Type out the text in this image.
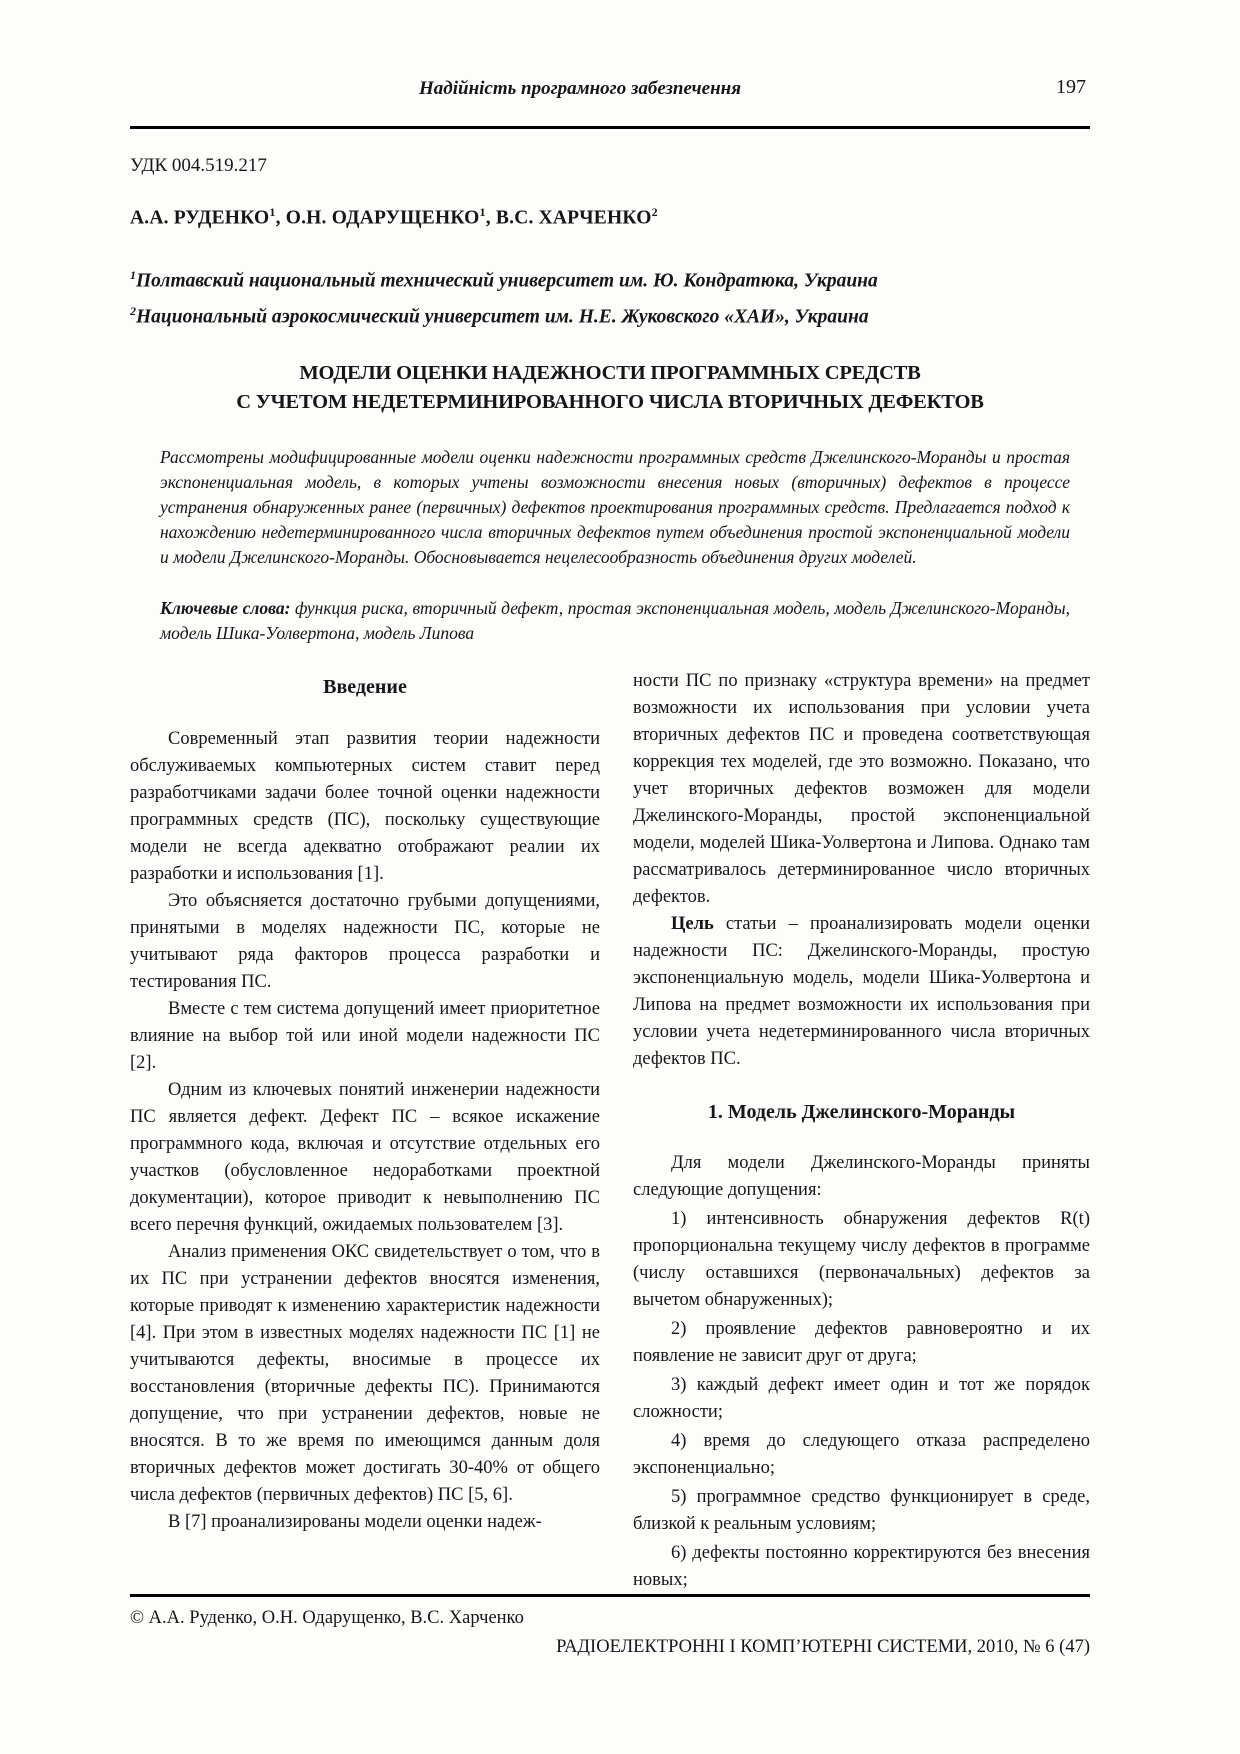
Надійність програмного забезпечення	197
УДК 004.519.217
А.А. РУДЕНКО$^1$, О.Н. ОДАРУЩЕНКО$^1$, В.С. ХАРЧЕНКО$^2$
$^1$Полтавский национальный технический университет им. Ю. Кондратюка, Украина
$^2$Национальный аэрокосмический университет им. Н.Е. Жуковского «ХАИ», Украина
МОДЕЛИ ОЦЕНКИ НАДЕЖНОСТИ ПРОГРАММНЫХ СРЕДСТВ
С УЧЕТОМ НЕДЕТЕРМИНИРОВАННОГО ЧИСЛА ВТОРИЧНЫХ ДЕФЕКТОВ
Рассмотрены модифицированные модели оценки надежности программных средств Джелинского-Моранды и простая экспоненциальная модель, в которых учтены возможности внесения новых (вторичных) дефектов в процессе устранения обнаруженных ранее (первичных) дефектов проектирования программных средств. Предлагается подход к нахождению недетерминированного числа вторичных дефектов путем объединения простой экспоненциальной модели и модели Джелинского-Моранды. Обосновывается нецелесообразность объединения других моделей.
Ключевые слова: функция риска, вторичный дефект, простая экспоненциальная модель, модель Джелинского-Моранды, модель Шика-Уолвертона, модель Липова
Введение

Современный этап развития теории надежности обслуживаемых компьютерных систем ставит перед разработчиками задачи более точной оценки надежности программных средств (ПС), поскольку существующие модели не всегда адекватно отображают реалии их разработки и использования [1].

Это объясняется достаточно грубыми допущениями, принятыми в моделях надежности ПС, которые не учитывают ряда факторов процесса разработки и тестирования ПС.

Вместе с тем система допущений имеет приоритетное влияние на выбор той или иной модели надежности ПС [2].

Одним из ключевых понятий инженерии надежности ПС является дефект. Дефект ПС – всякое искажение программного кода, включая и отсутствие отдельных его участков (обусловленное недоработками проектной документации), которое приводит к невыполнению ПС всего перечня функций, ожидаемых пользователем [3].

Анализ применения ОКС свидетельствует о том, что в их ПС при устранении дефектов вносятся изменения, которые приводят к изменению характеристик надежности [4]. При этом в известных моделях надежности ПС [1] не учитываются дефекты, вносимые в процессе их восстановления (вторичные дефекты ПС). Принимаются допущение, что при устранении дефектов, новые не вносятся. В то же время по имеющимся данным доля вторичных дефектов может достигать 30-40% от общего числа дефектов (первичных дефектов) ПС [5, 6].

В [7] проанализированы модели оценки надеж-

ности ПС по признаку «структура времени» на предмет возможности их использования при условии учета вторичных дефектов ПС и проведена соответствующая коррекция тех моделей, где это возможно. Показано, что учет вторичных дефектов возможен для модели Джелинского-Моранды, простой экспоненциальной модели, моделей Шика-Уолвертона и Липова. Однако там рассматривалось детерминированное число вторичных дефектов.

Цель статьи – проанализировать модели оценки надежности ПС: Джелинского-Моранды, простую экспоненциальную модель, модели Шика-Уолвертона и Липова на предмет возможности их использования при условии учета недетерминированного числа вторичных дефектов ПС.

1. Модель Джелинского-Моранды

Для модели Джелинского-Моранды приняты следующие допущения:

1) интенсивность обнаружения дефектов R(t) пропорциональна текущему числу дефектов в программе (числу оставшихся (первоначальных) дефектов за вычетом обнаруженных);

2) проявление дефектов равновероятно и их появление не зависит друг от друга;

3) каждый дефект имеет один и тот же порядок сложности;

4) время до следующего отказа распределено экспоненциально;

5) программное средство функционирует в среде, близкой к реальным условиям;

6) дефекты постоянно корректируются без внесения новых;

© А.А. Руденко, О.Н. Одарущенко, В.С. Харченко
РАДІОЕЛЕКТРОННІ І КОМП’ЮТЕРНІ СИСТЕМИ, 2010, № 6 (47)
